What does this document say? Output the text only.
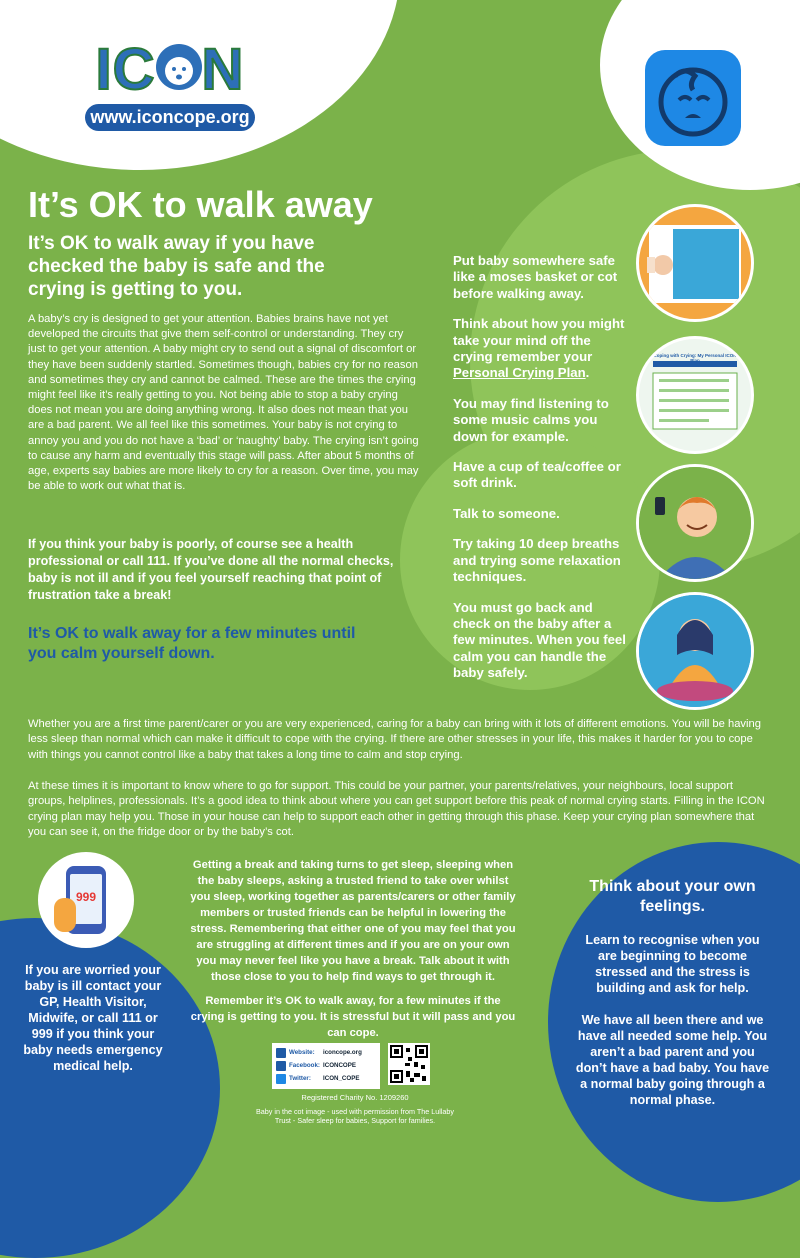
IC N
www.iconcope.org
It’s OK to walk away

It’s OK to walk away if you have checked the baby is safe and the crying is getting to you.

A baby’s cry is designed to get your attention. Babies brains have not yet developed the circuits that give them self-control or understanding. They cry just to get your attention. A baby might cry to send out a signal of discomfort or they have been suddenly startled. Sometimes though, babies cry for no reason and sometimes they cry and cannot be calmed. These are the times the crying might feel like it’s really getting to you. Not being able to stop a baby crying does not mean you are doing anything wrong. It also does not mean that you are a bad parent. We all feel like this sometimes. Your baby is not crying to annoy you and you do not have a ‘bad’ or ‘naughty’ baby. The crying isn’t going to cause any harm and eventually this stage will pass. After about 5 months of age, experts say babies are more likely to cry for a reason. Over time, you may be able to work out what that is.

If you think your baby is poorly, of course see a health professional or call 111. If you’ve done all the normal checks, baby is not ill and if you feel yourself reaching that point of frustration take a break!

It’s OK to walk away for a few minutes until you calm yourself down.

Put baby somewhere safe like a moses basket or cot before walking away.

Think about how you might take your mind off the crying remember your Personal Crying Plan.

You may find listening to some music calms you down for example.

Have a cup of tea/coffee or soft drink.

Talk to someone.

Try taking 10 deep breaths and trying some relaxation techniques.

You must go back and check on the baby after a few minutes. When you feel calm you can handle the baby safely.

Coping with Crying: My Personal ICON Plan

Whether you are a first time parent/carer or you are very experienced, caring for a baby can bring with it lots of different emotions. You will be having less sleep than normal which can make it difficult to cope with the crying. If there are other stresses in your life, this makes it harder for you to cope with things you cannot control like a baby that takes a long time to calm and stop crying.

At these times it is important to know where to go for support. This could be your partner, your parents/relatives, your neighbours, local support groups, helplines, professionals. It’s a good idea to think about where you can get support before this peak of normal crying starts. Filling in the ICON crying plan may help you. Those in your house can help to support each other in getting through this phase. Keep your crying plan somewhere that you can see it, on the fridge door or by the baby’s cot.

Getting a break and taking turns to get sleep, sleeping when the baby sleeps, asking a trusted friend to take over whilst you sleep, working together as parents/carers or other family members or trusted friends can be helpful in lowering the stress. Remembering that either one of you may feel that you are struggling at different times and if you are on your own you may never feel like you have a break. Talk about it with those close to you to help find ways to get through it.

Remember it’s OK to walk away, for a few minutes if the crying is getting to you. It is stressful but it will pass and you can cope.

999

If you are worried your baby is ill contact your GP, Health Visitor, Midwife, or call 111 or 999 if you think your baby needs emergency medical help.

Think about your own feelings.

Learn to recognise when you are beginning to become stressed and the stress is building and ask for help.

We have all been there and we have all needed some help. You aren’t a bad parent and you don’t have a bad baby. You have a normal baby going through a normal phase.

Website:	iconcope.org
Facebook: ICONCOPE
Twitter:	ICON_COPE

Registered Charity No. 1209260

Baby in the cot image - used with permission from The Lullaby Trust - Safer sleep for babies, Support for families.
